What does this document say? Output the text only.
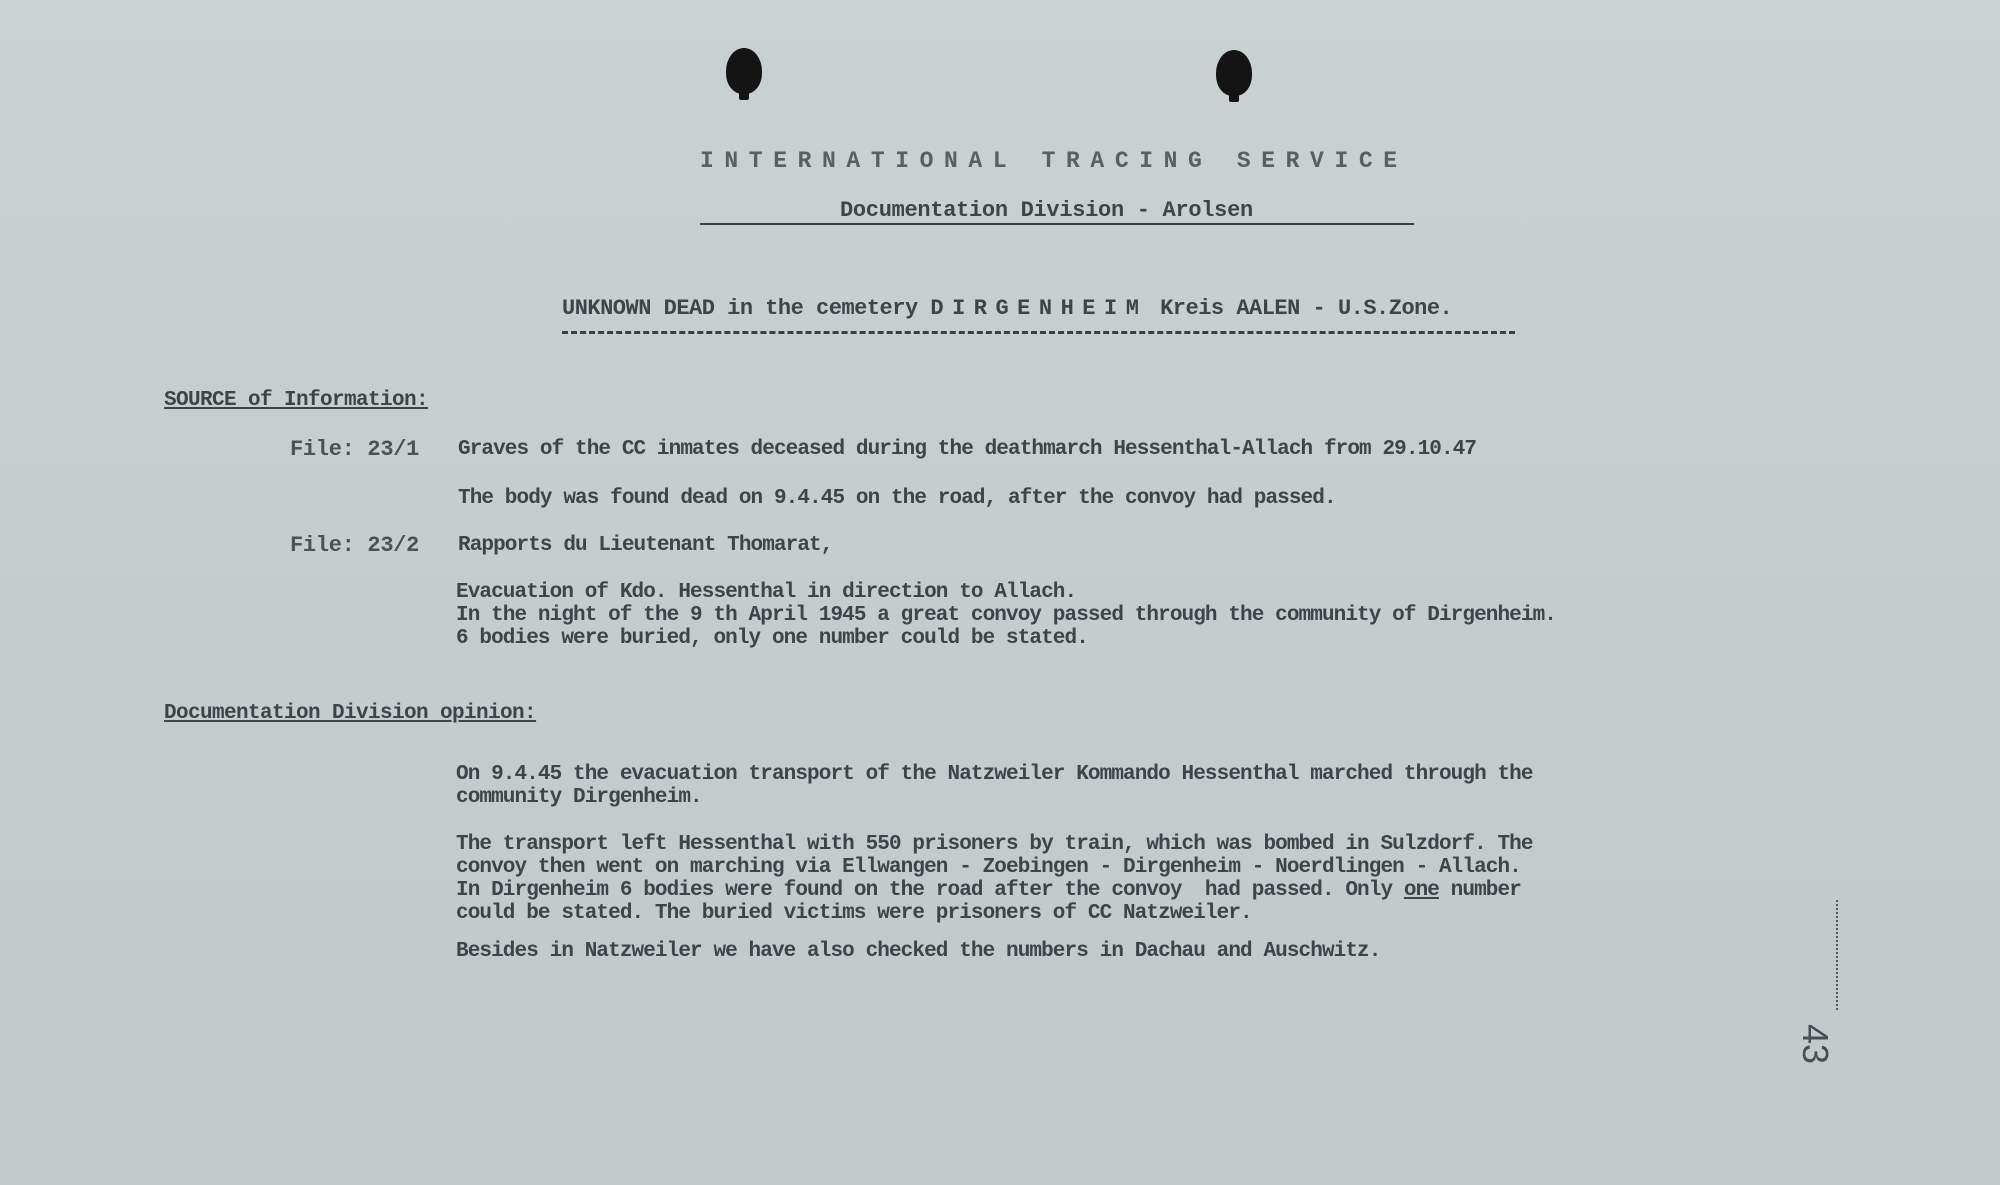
INTERNATIONAL TRACING SERVICE
Documentation Division - Arolsen
UNKNOWN DEAD in the cemetery DIRGENHEIM Kreis AALEN - U.S.Zone.
SOURCE of Information:
File: 23/1 Graves of the CC inmates deceased during the deathmarch Hessenthal-Allach from 29.10.47
The body was found dead on 9.4.45 on the road, after the convoy had passed.
File: 23/2 Rapports du Lieutenant Thomarat,
Evacuation of Kdo. Hessenthal in direction to Allach.
In the night of the 9 th April 1945 a great convoy passed through the community of Dirgenheim.
6 bodies were buried, only one number could be stated.
Documentation Division opinion:
On 9.4.45 the evacuation transport of the Natzweiler Kommando Hessenthal marched through the
community Dirgenheim.
The transport left Hessenthal with 550 prisoners by train, which was bombed in Sulzdorf. The
convoy then went on marching via Ellwangen - Zoebingen - Dirgenheim - Noerdlingen - Allach.
In Dirgenheim 6 bodies were found on the road after the convoy  had passed. Only one number
could be stated. The buried victims were prisoners of CC Natzweiler.
Besides in Natzweiler we have also checked the numbers in Dachau and Auschwitz.
43
